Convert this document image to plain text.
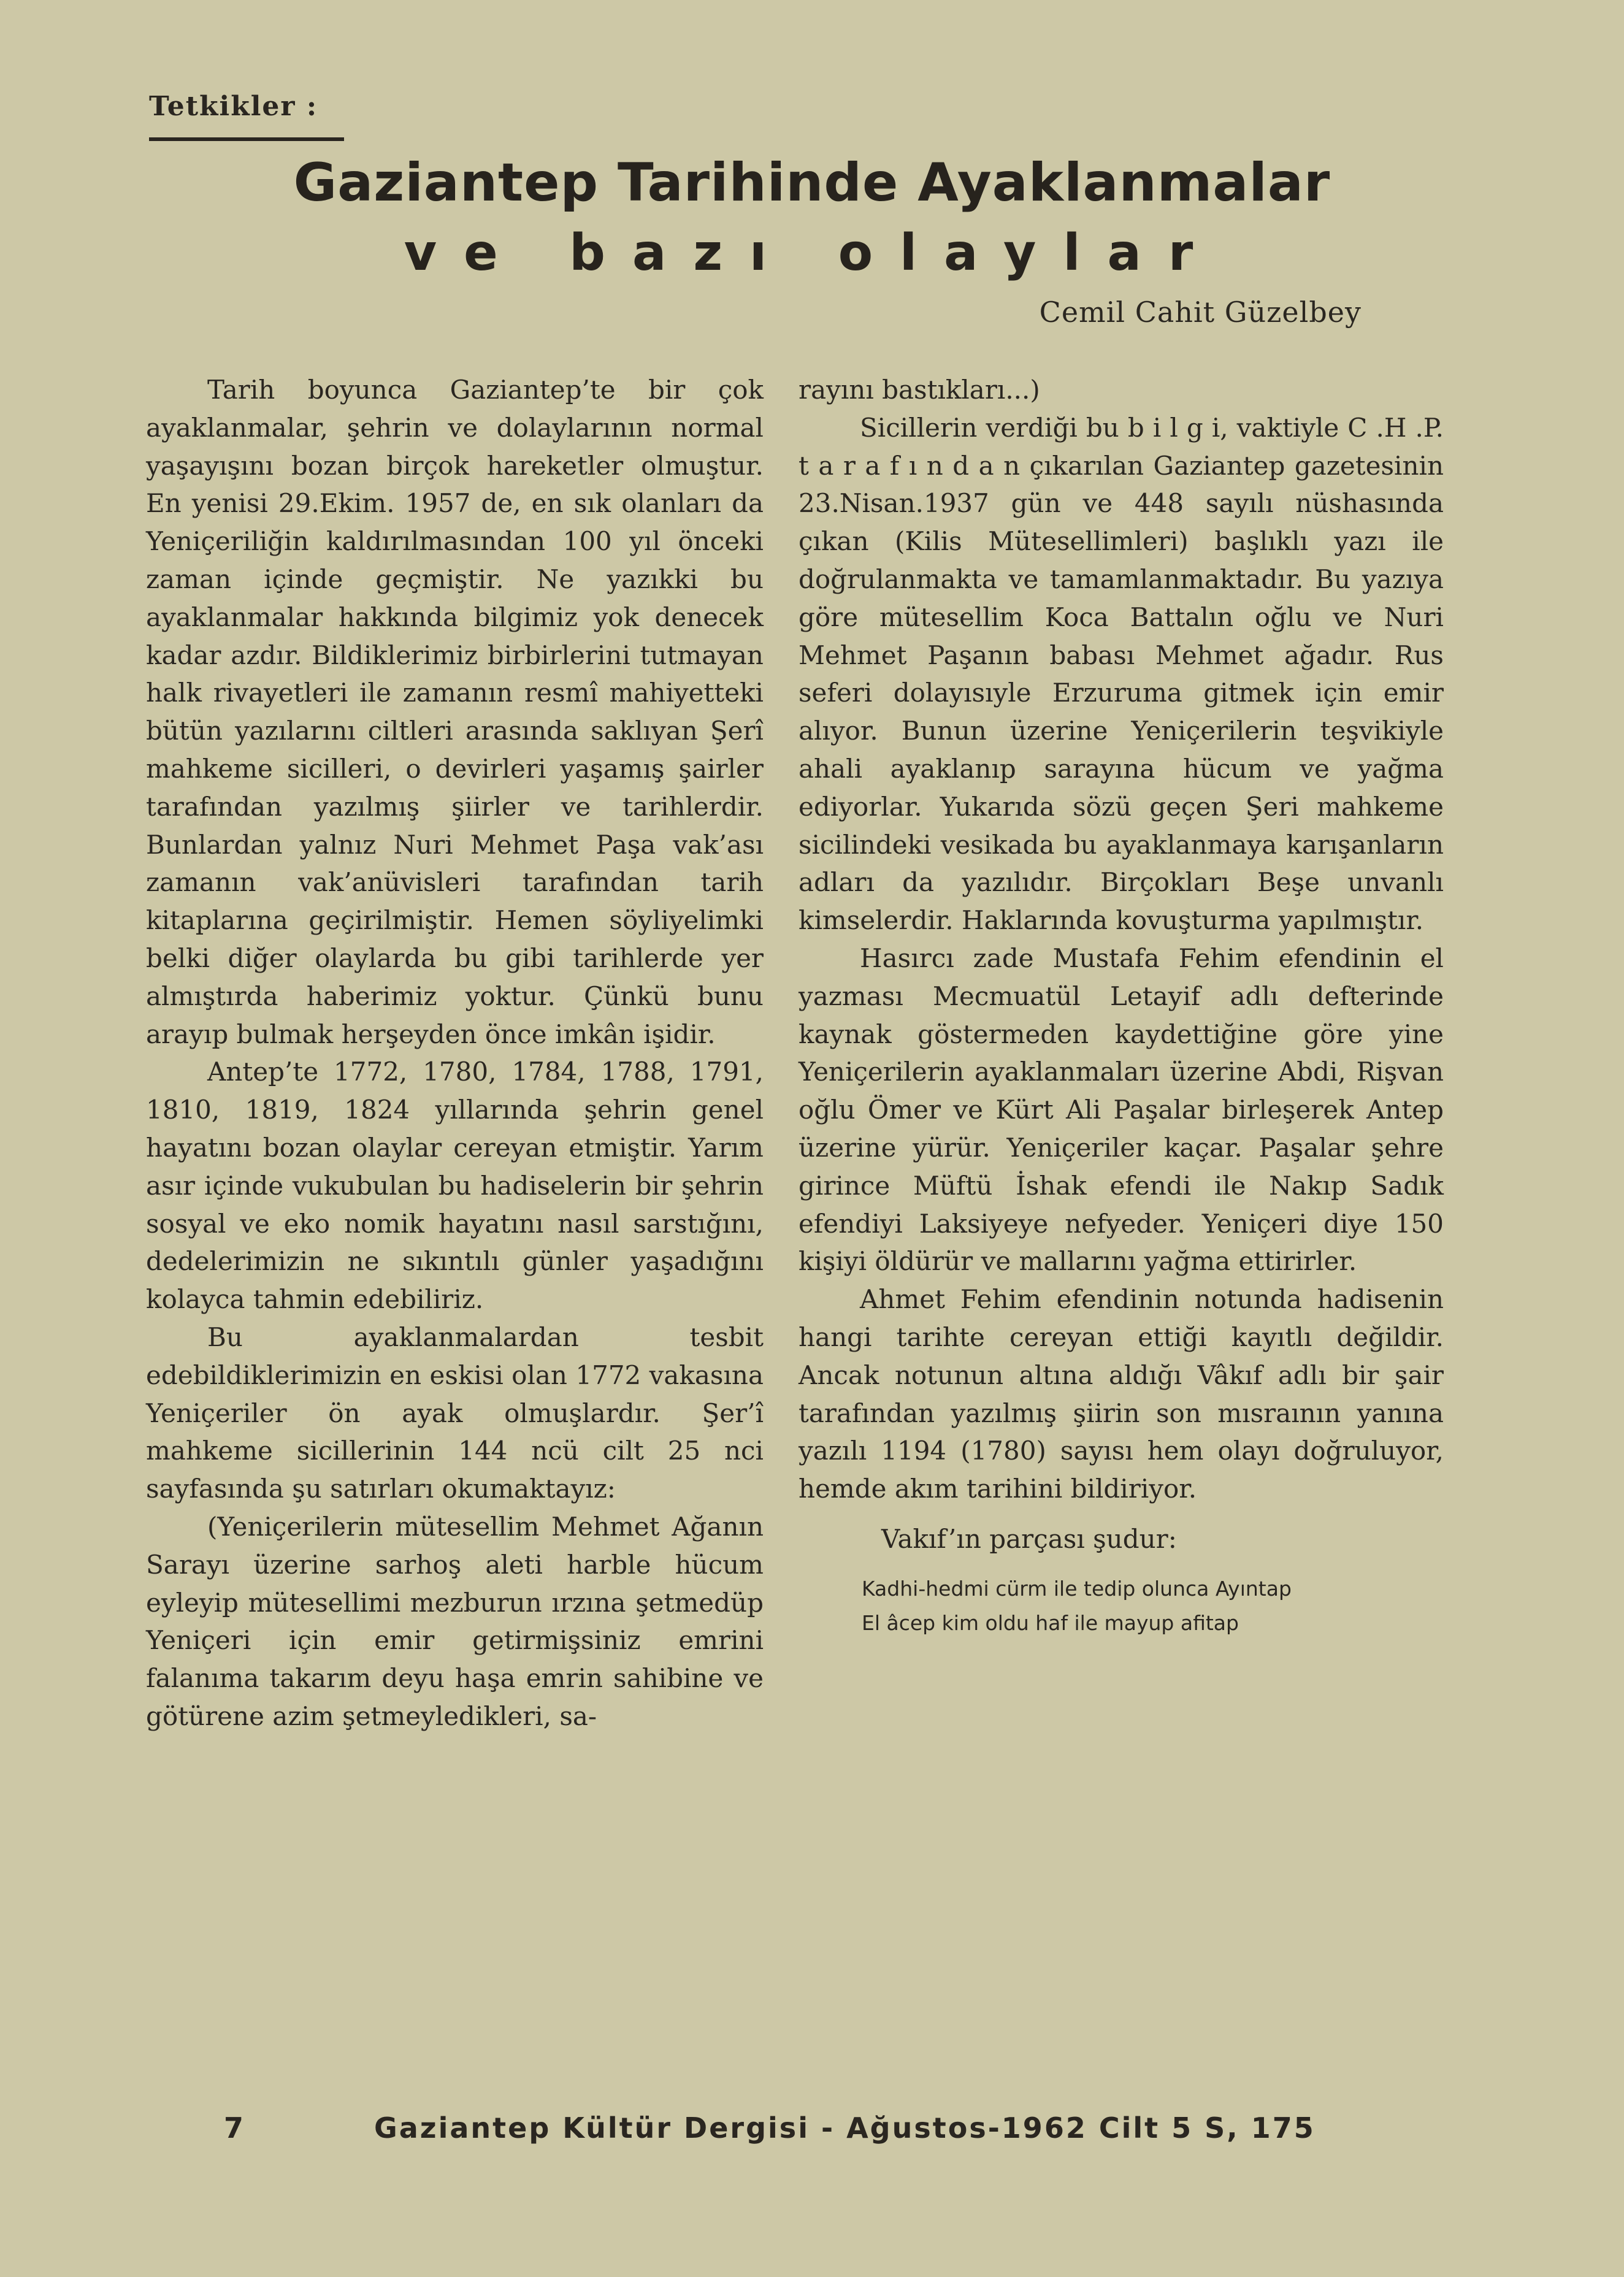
Tetkikler :
Gaziantep Tarihinde Ayaklanmalar
ve bazı olaylar
Cemil Cahit Güzelbey

Tarih boyunca Gaziantep’te bir çok ayaklanmalar, şehrin ve dolaylarının normal yaşayışını bozan birçok hareketler olmuştur. En yenisi 29.Ekim. 1957 de, en sık olanları da Yeniçeriliğin kaldırılmasından 100 yıl önceki zaman içinde geçmiştir. Ne yazıkki bu ayaklanmalar hakkında bilgimiz yok denecek kadar azdır. Bildiklerimiz birbirlerini tutmayan halk rivayetleri ile zamanın resmî mahiyetteki bütün yazılarını ciltleri arasında saklıyan Şerî mahkeme sicilleri, o devirleri yaşamış şairler tarafından yazılmış şiirler ve tarihlerdir. Bunlardan yalnız Nuri Mehmet Paşa vak’ası zamanın vak’anüvisleri tarafından tarih kitaplarına geçirilmiştir. Hemen söyliyelimki belki diğer olaylarda bu gibi tarihlerde yer almıştırda haberimiz yoktur. Çünkü bunu arayıp bulmak herşeyden önce imkân işidir.

Antep’te 1772, 1780, 1784, 1788, 1791, 1810, 1819, 1824 yıllarında şehrin genel hayatını bozan olaylar cereyan etmiştir. Yarım asır içinde vukubulan bu hadiselerin bir şehrin sosyal ve eko nomik hayatını nasıl sarstığını, dedelerimizin ne sıkıntılı günler yaşadığını kolayca tahmin edebiliriz.

Bu ayaklanmalardan tesbit edebildiklerimizin en eskisi olan 1772 vakasına Yeniçeriler ön ayak olmuşlardır. Şer’î mahkeme sicillerinin 144 ncü cilt 25 nci sayfasında şu satırları okumaktayız:

(Yeniçerilerin mütesellim Mehmet Ağanın Sarayı üzerine sarhoş aleti harble hücum eyleyip mütesellimi mezburun ırzına şetmedüp Yeniçeri için emir getirmişsiniz emrini falanıma takarım deyu haşa emrin sahibine ve götürene azim şetmeyledikleri, sa-

rayını bastıkları...)

Sicillerin verdiği bu b i l g i, vaktiyle C .H .P. t a r a f ı n d a n çıkarılan Gaziantep gazetesinin 23.Nisan.1937 gün ve 448 sayılı nüshasında çıkan (Kilis Mütesellimleri) başlıklı yazı ile doğrulanmakta ve tamamlanmaktadır. Bu yazıya göre mütesellim Koca Battalın oğlu ve Nuri Mehmet Paşanın babası Mehmet ağadır. Rus seferi dolayısıyle Erzuruma gitmek için emir alıyor. Bunun üzerine Yeniçerilerin teşvikiyle ahali ayaklanıp sarayına hücum ve yağma ediyorlar. Yukarıda sözü geçen Şeri mahkeme sicilindeki vesikada bu ayaklanmaya karışanların adları da yazılıdır. Birçokları Beşe unvanlı kimselerdir. Haklarında kovuşturma yapılmıştır.

Hasırcı zade Mustafa Fehim efendinin el yazması Mecmuatül Letayif adlı defterinde kaynak göstermeden kaydettiğine göre yine Yeniçerilerin ayaklanmaları üzerine Abdi, Rişvan oğlu Ömer ve Kürt Ali Paşalar birleşerek Antep üzerine yürür. Yeniçeriler kaçar. Paşalar şehre girince Müftü İshak efendi ile Nakıp Sadık efendiyi Laksiyeye nefyeder. Yeniçeri diye 150 kişiyi öldürür ve mallarını yağma ettirirler.

Ahmet Fehim efendinin notunda hadisenin hangi tarihte cereyan ettiği kayıtlı değildir. Ancak notunun altına aldığı Vâkıf adlı bir şair tarafından yazılmış şiirin son mısraının yanına yazılı 1194 (1780) sayısı hem olayı doğruluyor, hemde akım tarihini bildiriyor.

Vakıf’ın parçası şudur:

Kadhi-hedmi cürm ile tedip olunca Ayıntap
El âcep kim oldu haf ile mayup afitap

7	Gaziantep Kültür Dergisi - Ağustos-1962 Cilt 5 S, 175
